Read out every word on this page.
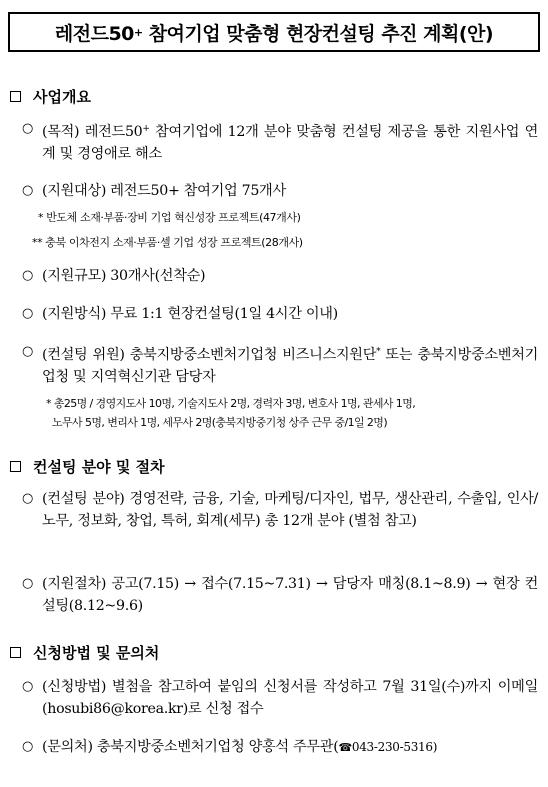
레전드50 + 참여기업 맞춤형 현장컨설팅 추진 계획(안)
사업개요
○ (목적) 레전드50+ 참여기업에 12개 분야 맞춤형 컨설팅 제공을 통한 지원사업 연계 및 경영애로 해소
○ (지원대상) 레전드50+ 참여기업 75개사
* 반도체 소재·부품·장비 기업 혁신성장 프로젝트(47개사)
** 충북 이차전지 소재·부품·셀 기업 성장 프로젝트(28개사)
○ (지원규모) 30개사(선착순)
○ (지원방식) 무료 1:1 현장컨설팅(1일 4시간 이내)
○ (컨설팅 위원) 충북지방중소벤처기업청 비즈니스지원단* 또는 충북지방중소벤처기업청 및 지역혁신기관 담당자
* 총25명 / 경영지도사 10명, 기술지도사 2명, 경력자 3명, 변호사 1명, 관세사 1명,
노무사 5명, 변리사 1명, 세무사 2명(충북지방중기청 상주 근무 중/1일 2명)
컨설팅 분야 및 절차
○ (컨설팅 분야) 경영전략, 금융, 기술, 마케팅/디자인, 법무, 생산관리, 수출입, 인사/노무, 정보화, 창업, 특허, 회계(세무) 총 12개 분야 (별첨 참고)
○ (지원절차) 공고(7.15) → 접수(7.15~7.31) → 담당자 매칭(8.1~8.9) → 현장 컨설팅(8.12~9.6)
신청방법 및 문의처
○ (신청방법) 별첨을 참고하여 붙임의 신청서를 작성하고 7월 31일(수)까지 이메일(hosubi86@korea.kr)로 신청 접수
○ (문의처) 충북지방중소벤처기업청 양홍석 주무관(☎043-230-5316)
